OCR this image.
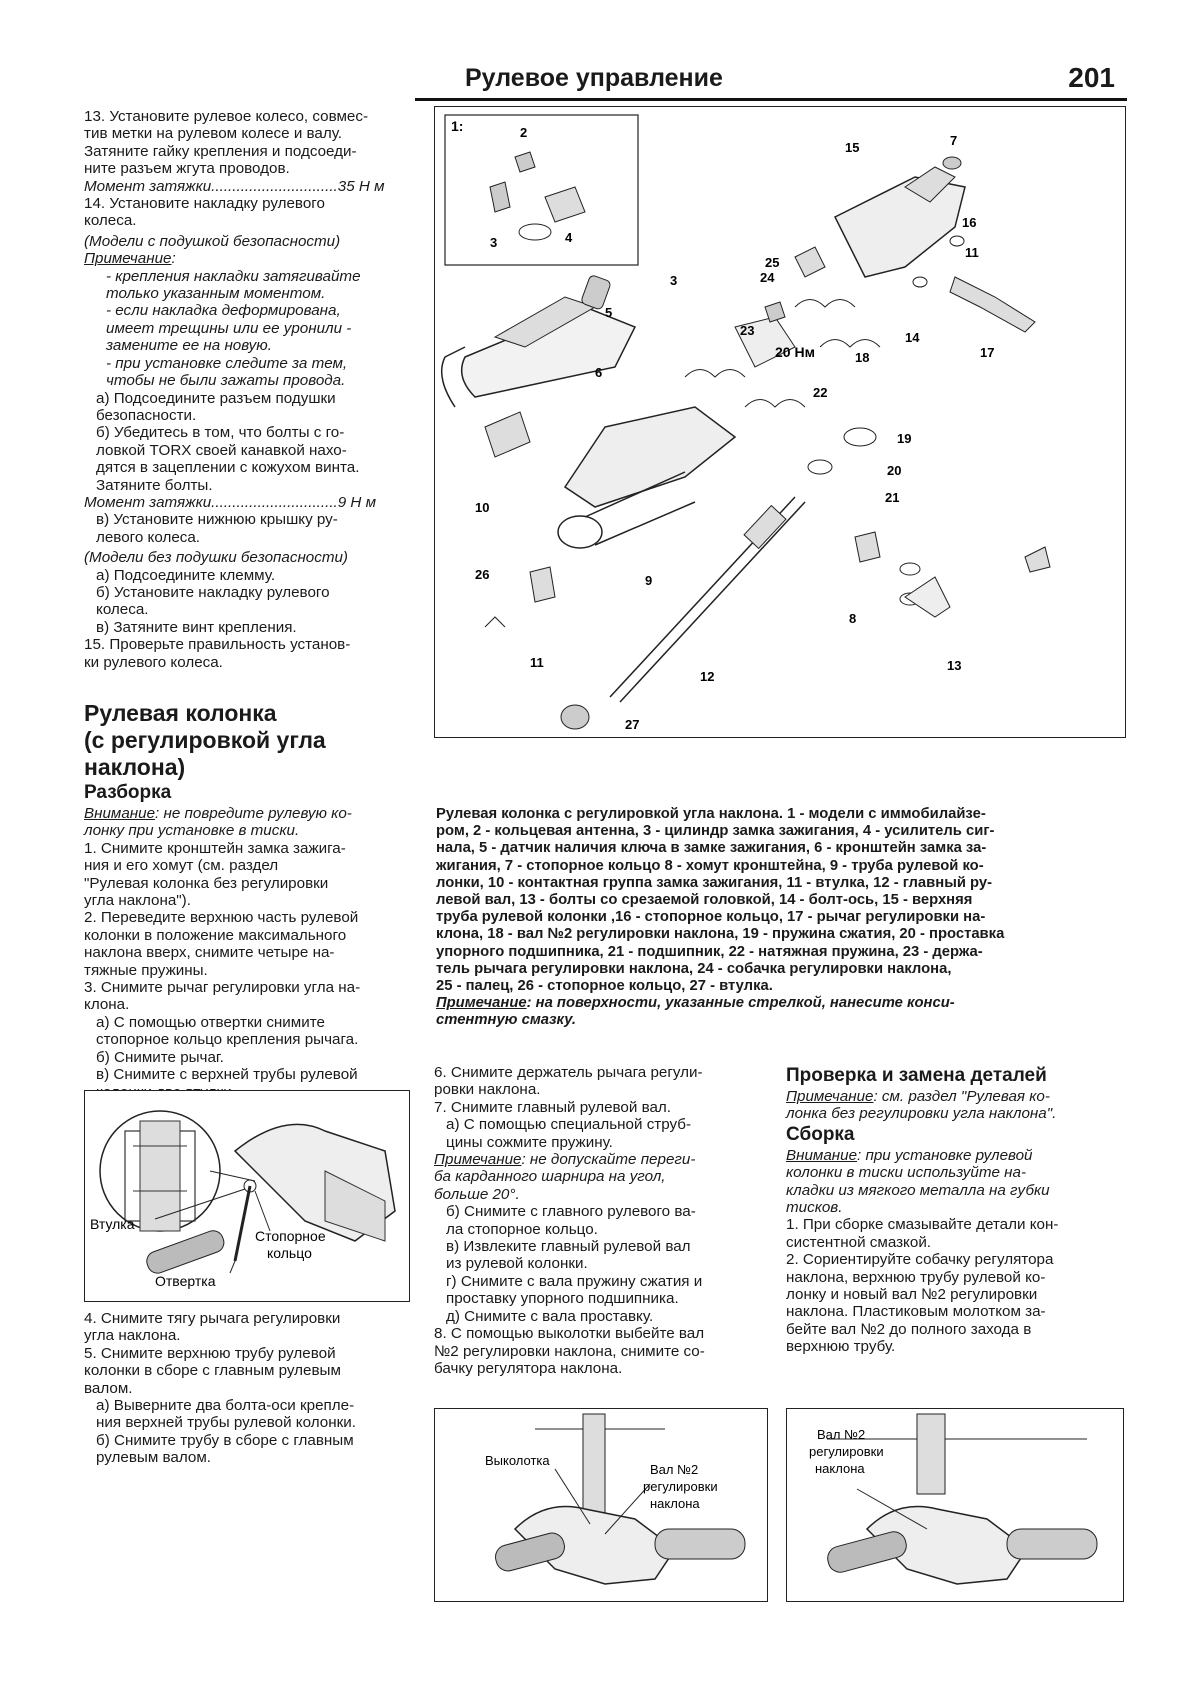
Рулевое управление	201

13. Установите рулевое колесо, совмес-
тив метки на рулевом колесе и валу.
Затяните гайку крепления и подсоеди-
ните разъем жгута проводов.

Момент затяжки..............................35 Н м

14. Установите накладку рулевого
колеса.

(Модели с подушкой безопасности)

Примечание:

- крепления накладки затягивайте
только указанным моментом.
- если накладка деформирована,
имеет трещины или ее уронили -
замените ее на новую.
- при установке следите за тем,
чтобы не были зажаты провода.

а) Подсоедините разъем подушки
безопасности.

б) Убедитесь в том, что болты с го-
ловкой TORX своей канавкой нахо-
дятся в зацеплении с кожухом винта.
Затяните болты.

Момент затяжки..............................9 Н м

в) Установите нижнюю крышку ру-
левого колеса.

(Модели без подушки безопасности)

а) Подсоедините клемму.
б) Установите накладку рулевого
колеса.
в) Затяните винт крепления.

15. Проверьте правильность установ-
ки рулевого колеса.

Рулевая колонка
(с регулировкой угла
наклона)

Разборка

Внимание: не повредите рулевую ко-
лонку при установке в тиски.

1. Снимите кронштейн замка зажига-
ния и его хомут (см. раздел
"Рулевая колонка без регулировки
угла наклона").

2. Переведите верхнюю часть рулевой
колонки в положение максимального
наклона вверх, снимите четыре на-
тяжные пружины.

3. Снимите рычаг регулировки угла на-
клона.

а) С помощью отвертки снимите
стопорное кольцо крепления рычага.
б) Снимите рычаг.
в) Снимите с верхней трубы рулевой

Втулка
Стопорное
кольцо
Отвертка

4. Снимите тягу рычага регулировки
угла наклона.

5. Снимите верхнюю трубу рулевой
колонки в сборе с главным рулевым
валом.

а) Выверните два болта-оси крепле-
ния верхней трубы рулевой колонки.
б) Снимите трубу в сборе с главным
рулевым валом.

1:
20 Нм
2
3	4
3
5
6
10
9
26
11
12
8
13
21
20
19
22
18
23
24
25
15	7
16
11
17
14
27

Рулевая колонка с регулировкой угла наклона. 1 - модели с иммобилайзе-
ром, 2 - кольцевая антенна, 3 - цилиндр замка зажигания, 4 - усилитель сиг-
нала, 5 - датчик наличия ключа в замке зажигания, 6 - кронштейн замка за-
жигания, 7 - стопорное кольцо 8 - хомут кронштейна, 9 - труба рулевой ко-
лонки, 10 - контактная группа замка зажигания, 11 - втулка, 12 - главный ру-
левой вал, 13 - болты со срезаемой головкой, 14 - болт-ось, 15 - верхняя
труба рулевой колонки ,16 - стопорное кольцо, 17 - рычаг регулировки на-
клона, 18 - вал №2 регулировки наклона, 19 - пружина сжатия, 20 - проставка
упорного подшипника, 21 - подшипник, 22 - натяжная пружина, 23 - держа-
тель рычага регулировки наклона, 24 - собачка регулировки наклона,
25 - палец, 26 - стопорное кольцо, 27 - втулка.

Примечание: на поверхности, указанные стрелкой, нанесите конси-
стентную смазку.

6. Снимите держатель рычага регули-
ровки наклона.

7. Снимите главный рулевой вал.

а) С помощью специальной струб-
цины сожмите пружину.

Примечание: не допускайте переги-
ба карданного шарнира на угол,
больше 20°.

б) Снимите с главного рулевого ва-
ла стопорное кольцо.
в) Извлеките главный рулевой вал
из рулевой колонки.
г) Снимите с вала пружину сжатия и
проставку упорного подшипника.
д) Снимите с вала проставку.

8. С помощью выколотки выбейте вал
№2 регулировки наклона, снимите со-
бачку регулятора наклона.

Выколотка
Вал №2
регулировки
наклона

Проверка и замена деталей

Примечание: см. раздел "Рулевая ко-
лонка без регулировки угла наклона".

Сборка

Внимание: при установке рулевой
колонки в тиски используйте на-
кладки из мягкого металла на губки
тисков.

1. При сборке смазывайте детали кон-
систентной смазкой.

2. Сориентируйте собачку регулятора
наклона, верхнюю трубу рулевой ко-
лонку и новый вал №2 регулировки
наклона. Пластиковым молотком за-
бейте вал №2 до полного захода в
верхнюю трубу.

Вал №2
регулировки
наклона
